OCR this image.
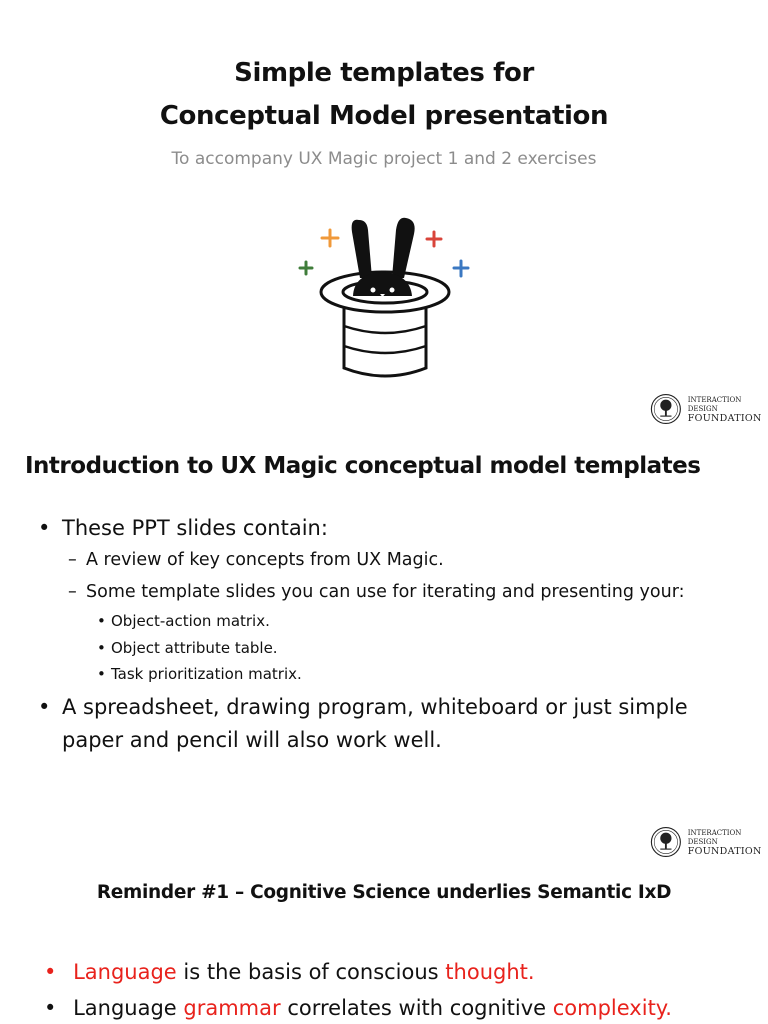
Simple templates for
Conceptual Model presentation
To accompany UX Magic project 1 and 2 exercises
INTERACTION DESIGN
FOUNDATION
Introduction to UX Magic conceptual model templates
• These PPT slides contain:
– A review of key concepts from UX Magic.
– Some template slides you can use for iterating and presenting your:
• Object-action matrix.
• Object attribute table.
• Task prioritization matrix.
• A spreadsheet, drawing program, whiteboard or just simple
paper and pencil will also work well.
INTERACTION DESIGN
FOUNDATION
Reminder #1 – Cognitive Science underlies Semantic IxD
• Language is the basis of conscious thought.
• Language grammar correlates with cognitive complexity.
